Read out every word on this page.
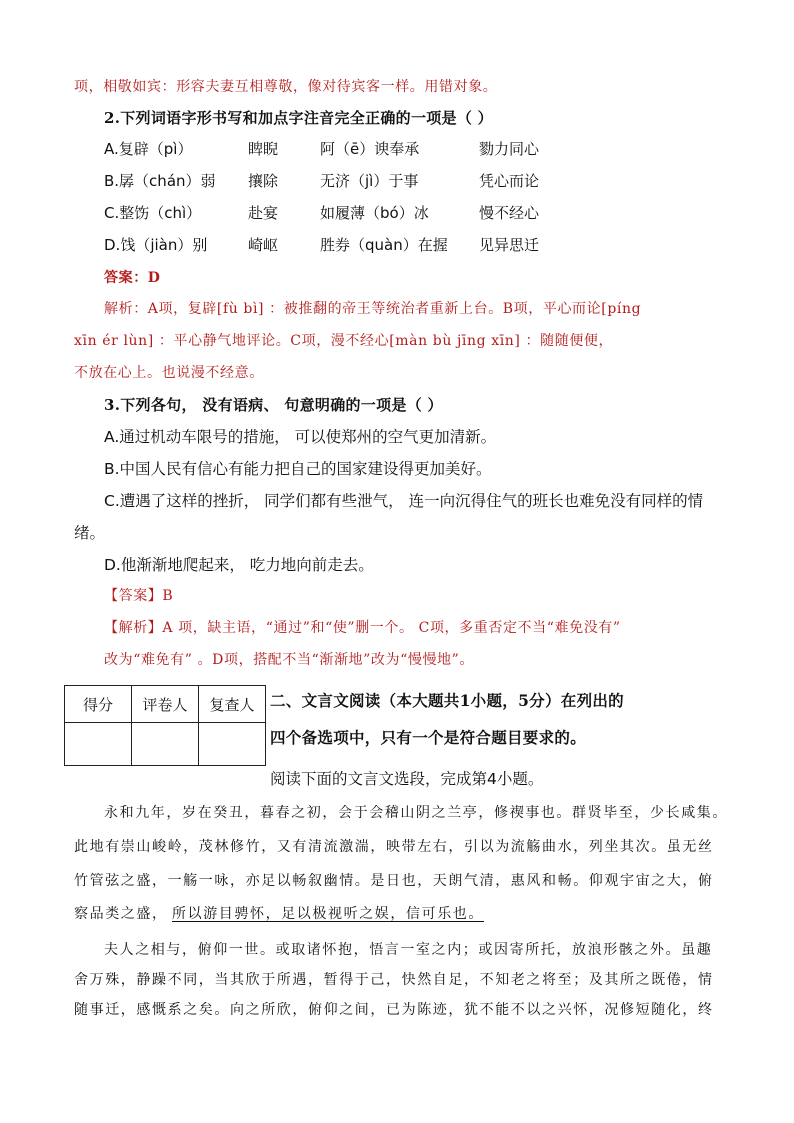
项，相敬如宾：形容夫妻互相尊敬，像对待宾客一样。用错对象。
2.下列词语字形书写和加点字注音完全正确的一项是（ ）
A.复辟（pì）	睥睨	阿（ē）谀奉承	勠力同心
B.孱（chán）弱 攘除	无济（jì）于事	凭心而论
C.整饬（chì）	赴宴	如履薄（bó）冰	慢不经心
D.饯（jiàn）别	崎岖	胜券（quàn）在握 见异思迁
答案：D
解析：A项，复辟[fù bì] ：被推翻的帝王等统治者重新上台。B项，平心而论[píng
xīn ér lùn] ：平心静气地评论。C项，漫不经心[màn bù jīng xīn] ：随随便便，
不放在心上。也说漫不经意。
3.下列各句， 没有语病、 句意明确的一项是（ ）
A.通过机动车限号的措施， 可以使郑州的空气更加清新。
B.中国人民有信心有能力把自己的国家建设得更加美好。
C.遭遇了这样的挫折， 同学们都有些泄气， 连一向沉得住气的班长也难免没有同样的情
绪。
D.他渐渐地爬起来， 吃力地向前走去。
【答案】B
【解析】A 项，缺主语，“通过”和“使”删一个。 C项，多重否定不当“难免没有”
改为“难免有” 。D项，搭配不当“渐渐地”改为“慢慢地”。
得分	评卷人	复查人
		二、文言文阅读（本大题共1小题，5分）在列出的
四个备选项中，只有一个是符合题目要求的。
阅读下面的文言文选段，完成第4小题。
永和九年，岁在癸丑，暮春之初，会于会稽山阴之兰亭，修禊事也。群贤毕至，少长咸集。
此地有崇山峻岭，茂林修竹，又有清流激湍，映带左右，引以为流觞曲水，列坐其次。虽无丝
竹管弦之盛，一觞一咏，亦足以畅叙幽情。是日也，天朗气清，惠风和畅。仰观宇宙之大，俯
察品类之盛， 所以游目骋怀，足以极视听之娱，信可乐也。
夫人之相与，俯仰一世。或取诸怀抱，悟言一室之内；或因寄所托，放浪形骸之外。虽趣
舍万殊，静躁不同，当其欣于所遇，暂得于己，快然自足，不知老之将至；及其所之既倦，情
随事迁，感慨系之矣。向之所欣，俯仰之间，已为陈迹，犹不能不以之兴怀，况修短随化，终
